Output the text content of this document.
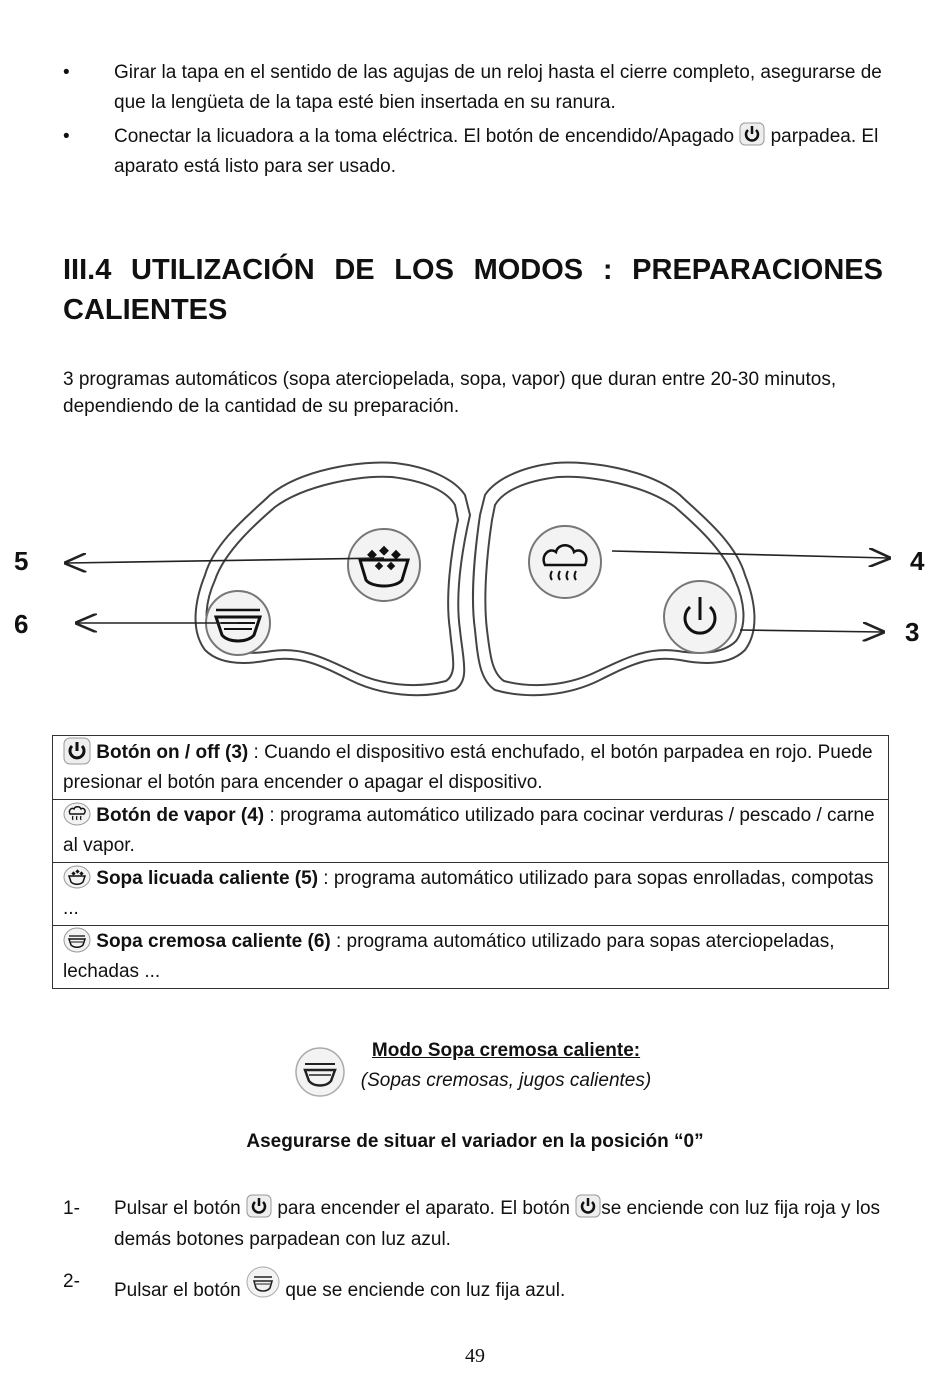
• Girar la tapa en el sentido de las agujas de un reloj hasta el cierre completo, asegurarse de que la lengüeta de la tapa esté bien insertada en su ranura.
• Conectar la licuadora a la toma eléctrica. El botón de encendido/Apagado parpadea. El aparato está listo para ser usado.
III.4 UTILIZACIÓN DE LOS MODOS : PREPARACIONES CALIENTES
3 programas automáticos (sopa aterciopelada, sopa, vapor) que duran entre 20-30 minutos, dependiendo de la cantidad de su preparación.
5
6
4
3
Botón on / off (3) : Cuando el dispositivo está enchufado, el botón parpadea en rojo. Puede presionar el botón para encender o apagar el dispositivo.
Botón de vapor (4) : programa automático utilizado para cocinar verduras / pescado / carne al vapor.
Sopa licuada caliente (5) : programa automático utilizado para sopas enrolladas, compotas ...
Sopa cremosa caliente (6) : programa automático utilizado para sopas aterciopeladas, lechadas ...
Modo Sopa cremosa caliente:
(Sopas cremosas, jugos calientes)
Asegurarse de situar el variador en la posición “0”
1- Pulsar el botón para encender el aparato. El botón se enciende con luz fija roja y los demás botones parpadean con luz azul.
2- Pulsar el botón que se enciende con luz fija azul.
49
